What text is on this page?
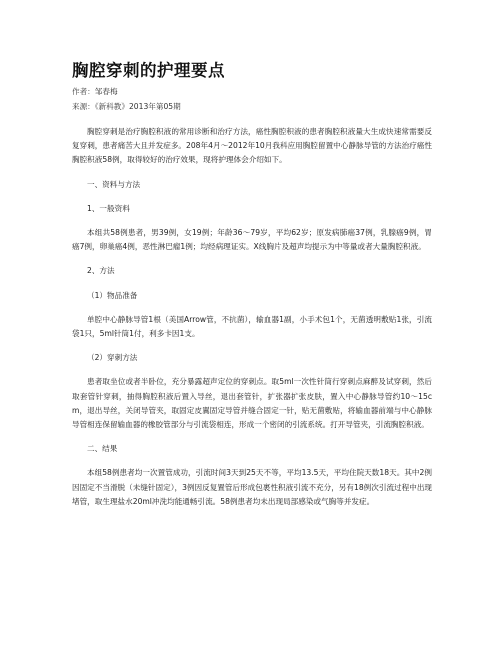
胸腔穿刺的护理要点
作者：邹春梅
来源：《新科教》2013年第05期

胸腔穿刺是治疗胸腔积液的常用诊断和治疗方法，癌性胸腔积液的患者胸腔积液量大生成快速常需要反复穿刺，患者痛苦大且并发症多。208年4月～2012年10月我科应用胸腔留置中心静脉导管的方法治疗癌性胸腔积液58例，取得较好的治疗效果，现将护理体会介绍如下。

一、资料与方法

1、一般资料

本组共58例患者，男39例，女19例；年龄36～79岁，平均62岁；原发病肺癌37例，乳腺癌9例，胃癌7例，卵巢癌4例，恶性淋巴瘤1例；均经病理证实。X线胸片及超声均提示为中等量或者大量胸腔积液。

2、方法

（1）物品准备

单腔中心静脉导管1根（美国Arrow管，不抗菌），输血器1副，小手术包1个，无菌透明敷贴1张，引流袋1只，5ml针筒1付，利多卡因1支。

（2）穿刺方法

患者取坐位或者半卧位，充分暴露超声定位的穿刺点。取5ml一次性针筒行穿刺点麻醉及试穿刺，然后取套管针穿刺，抽得胸腔积液后置入导丝，退出套管针，扩张器扩张皮肤，置入中心静脉导管约10～15cm，退出导丝，关闭导管夹，取固定皮翼固定导管并缝合固定一针，贴无菌敷贴，将输血器前端与中心静脉导管相连保留输血器的橡胶管部分与引流袋相连，形成一个密闭的引流系统。打开导管夹，引流胸腔积液。

二、结果

本组58例患者均一次置管成功，引流时间3天到25天不等，平均13.5天，平均住院天数18天。其中2例因固定不当滑脱（未缝针固定），3例因反复置管后形成包裹性积液引流不充分，另有18例次引流过程中出现堵管，取生理盐水20ml冲洗均能通畅引流。58例患者均未出现局部感染或气胸等并发症。
